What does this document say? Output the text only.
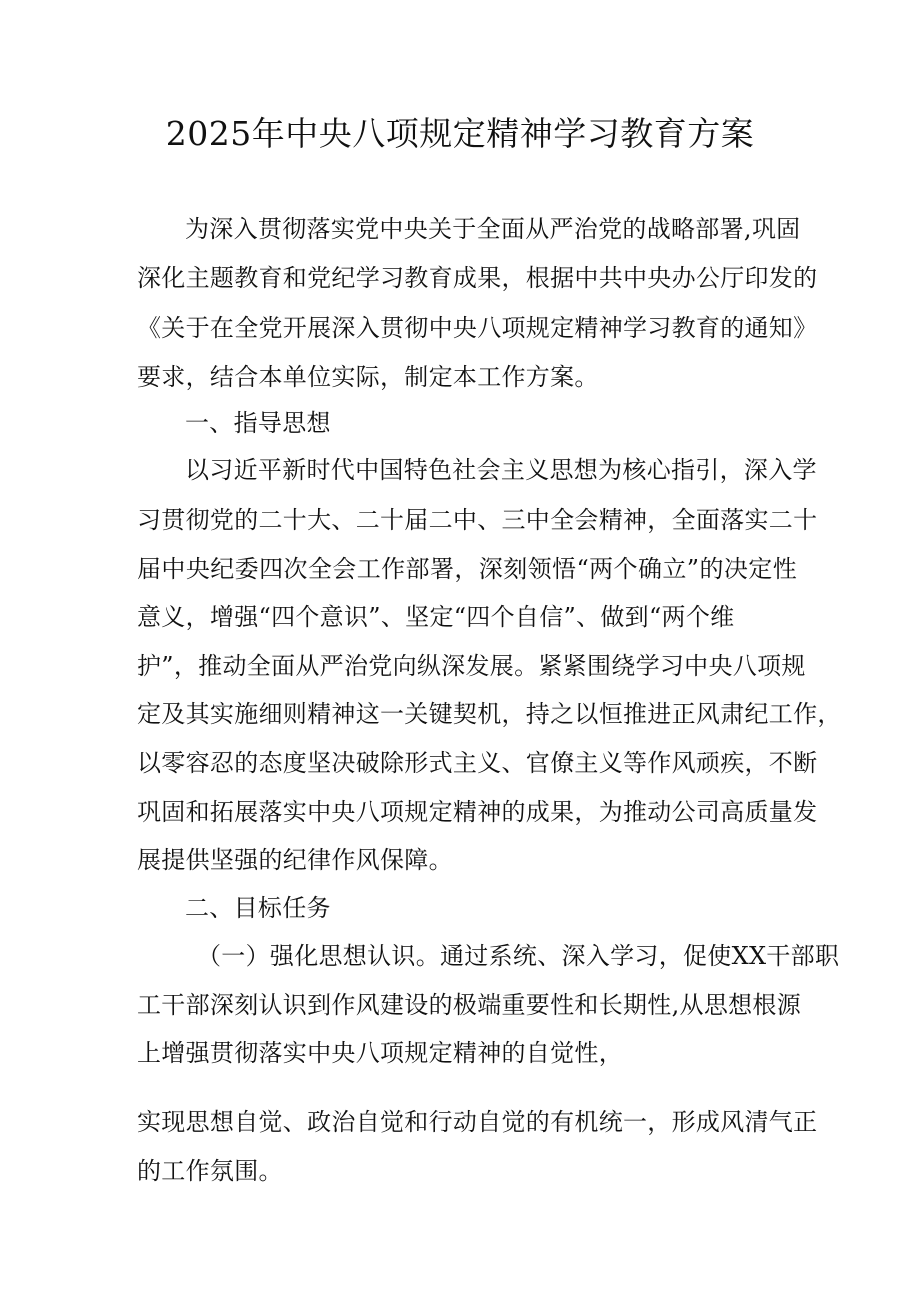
2025年中央八项规定精神学习教育方案

为深入贯彻落实党中央关于全面从严治党的战略部署,巩固

深化主题教育和党纪学习教育成果，根据中共中央办公厅印发的

《关于在全党开展深入贯彻中央八项规定精神学习教育的通知》

要求，结合本单位实际，制定本工作方案。

一、指导思想

以习近平新时代中国特色社会主义思想为核心指引，深入学

习贯彻党的二十大、二十届二中、三中全会精神，全面落实二十

届中央纪委四次全会工作部署，深刻领悟“两个确立”的决定性

意义，增强“四个意识”、坚定“四个自信”、做到“两个维

护”，推动全面从严治党向纵深发展。紧紧围绕学习中央八项规

定及其实施细则精神这一关键契机，持之以恒推进正风肃纪工作，

以零容忍的态度坚决破除形式主义、官僚主义等作风顽疾，不断

巩固和拓展落实中央八项规定精神的成果，为推动公司高质量发

展提供坚强的纪律作风保障。

二、目标任务

（一）强化思想认识。通过系统、深入学习，促使XX干部职

工干部深刻认识到作风建设的极端重要性和长期性,从思想根源

上增强贯彻落实中央八项规定精神的自觉性，

实现思想自觉、政治自觉和行动自觉的有机统一，形成风清气正

的工作氛围。
